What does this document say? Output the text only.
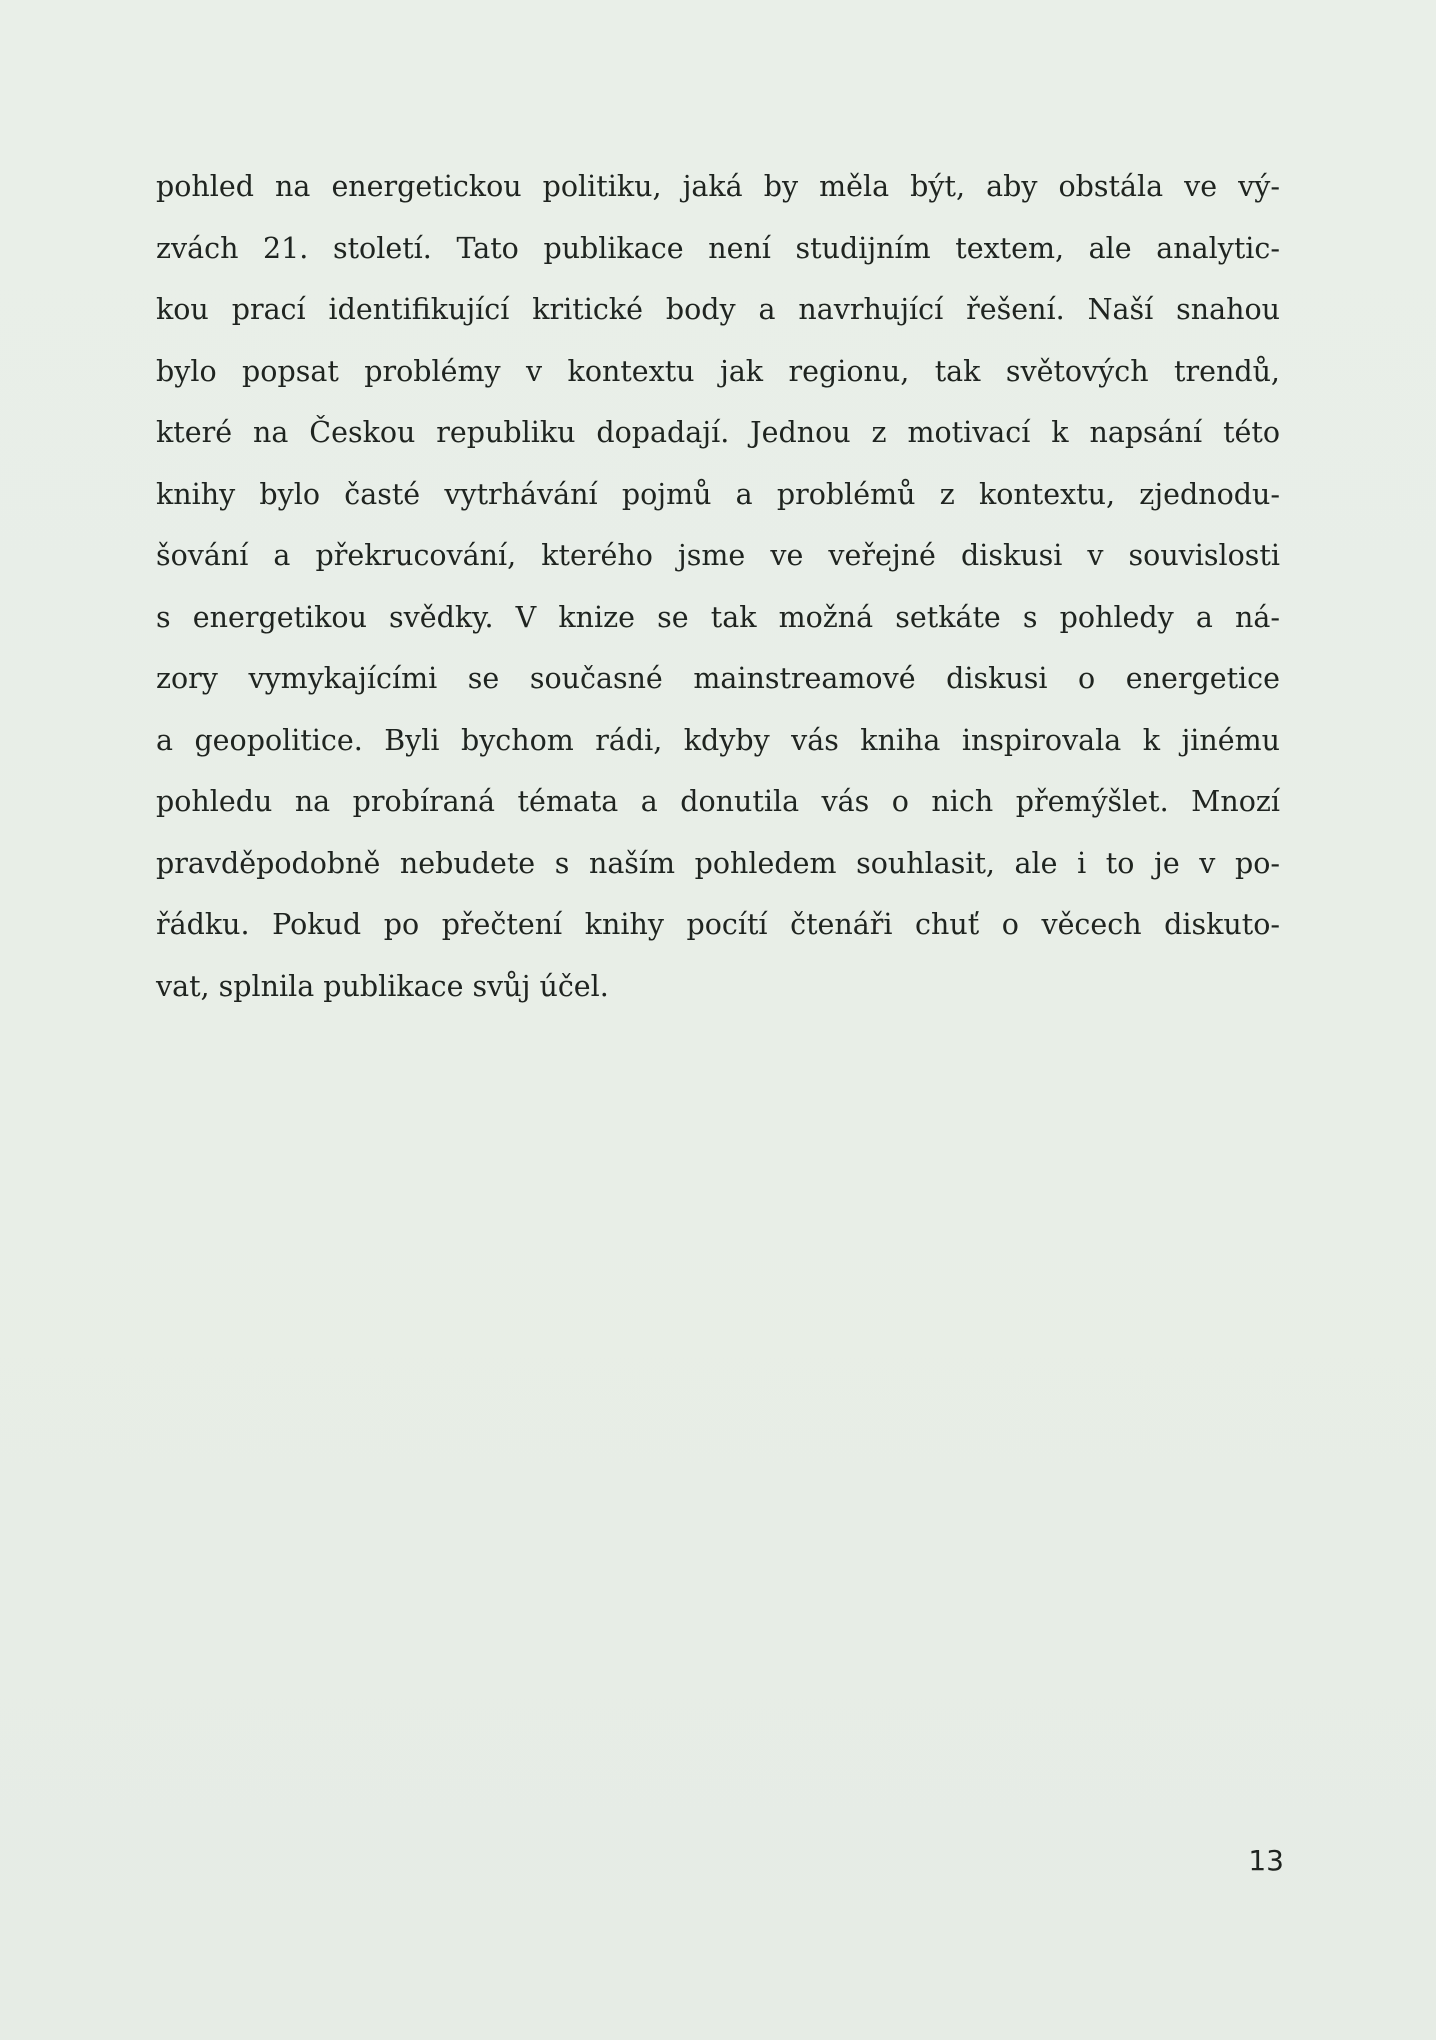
pohled na energetickou politiku, jaká by měla být, aby obstála ve vý-
zvách 21. století. Tato publikace není studijním textem, ale analytic-
kou prací identifikující kritické body a navrhující řešení. Naší snahou
bylo popsat problémy v kontextu jak regionu, tak světových trendů,
které na Českou republiku dopadají. Jednou z motivací k napsání této
knihy bylo časté vytrhávání pojmů a problémů z kontextu, zjednodu-
šování a překrucování, kterého jsme ve veřejné diskusi v souvislosti
s energetikou svědky. V knize se tak možná setkáte s pohledy a ná-
zory vymykajícími se současné mainstreamové diskusi o energetice
a geopolitice. Byli bychom rádi, kdyby vás kniha inspirovala k jinému
pohledu na probíraná témata a donutila vás o nich přemýšlet. Mnozí
pravděpodobně nebudete s naším pohledem souhlasit, ale i to je v po-
řádku. Pokud po přečtení knihy pocítí čtenáři chuť o věcech diskuto-
vat, splnila publikace svůj účel.
13
